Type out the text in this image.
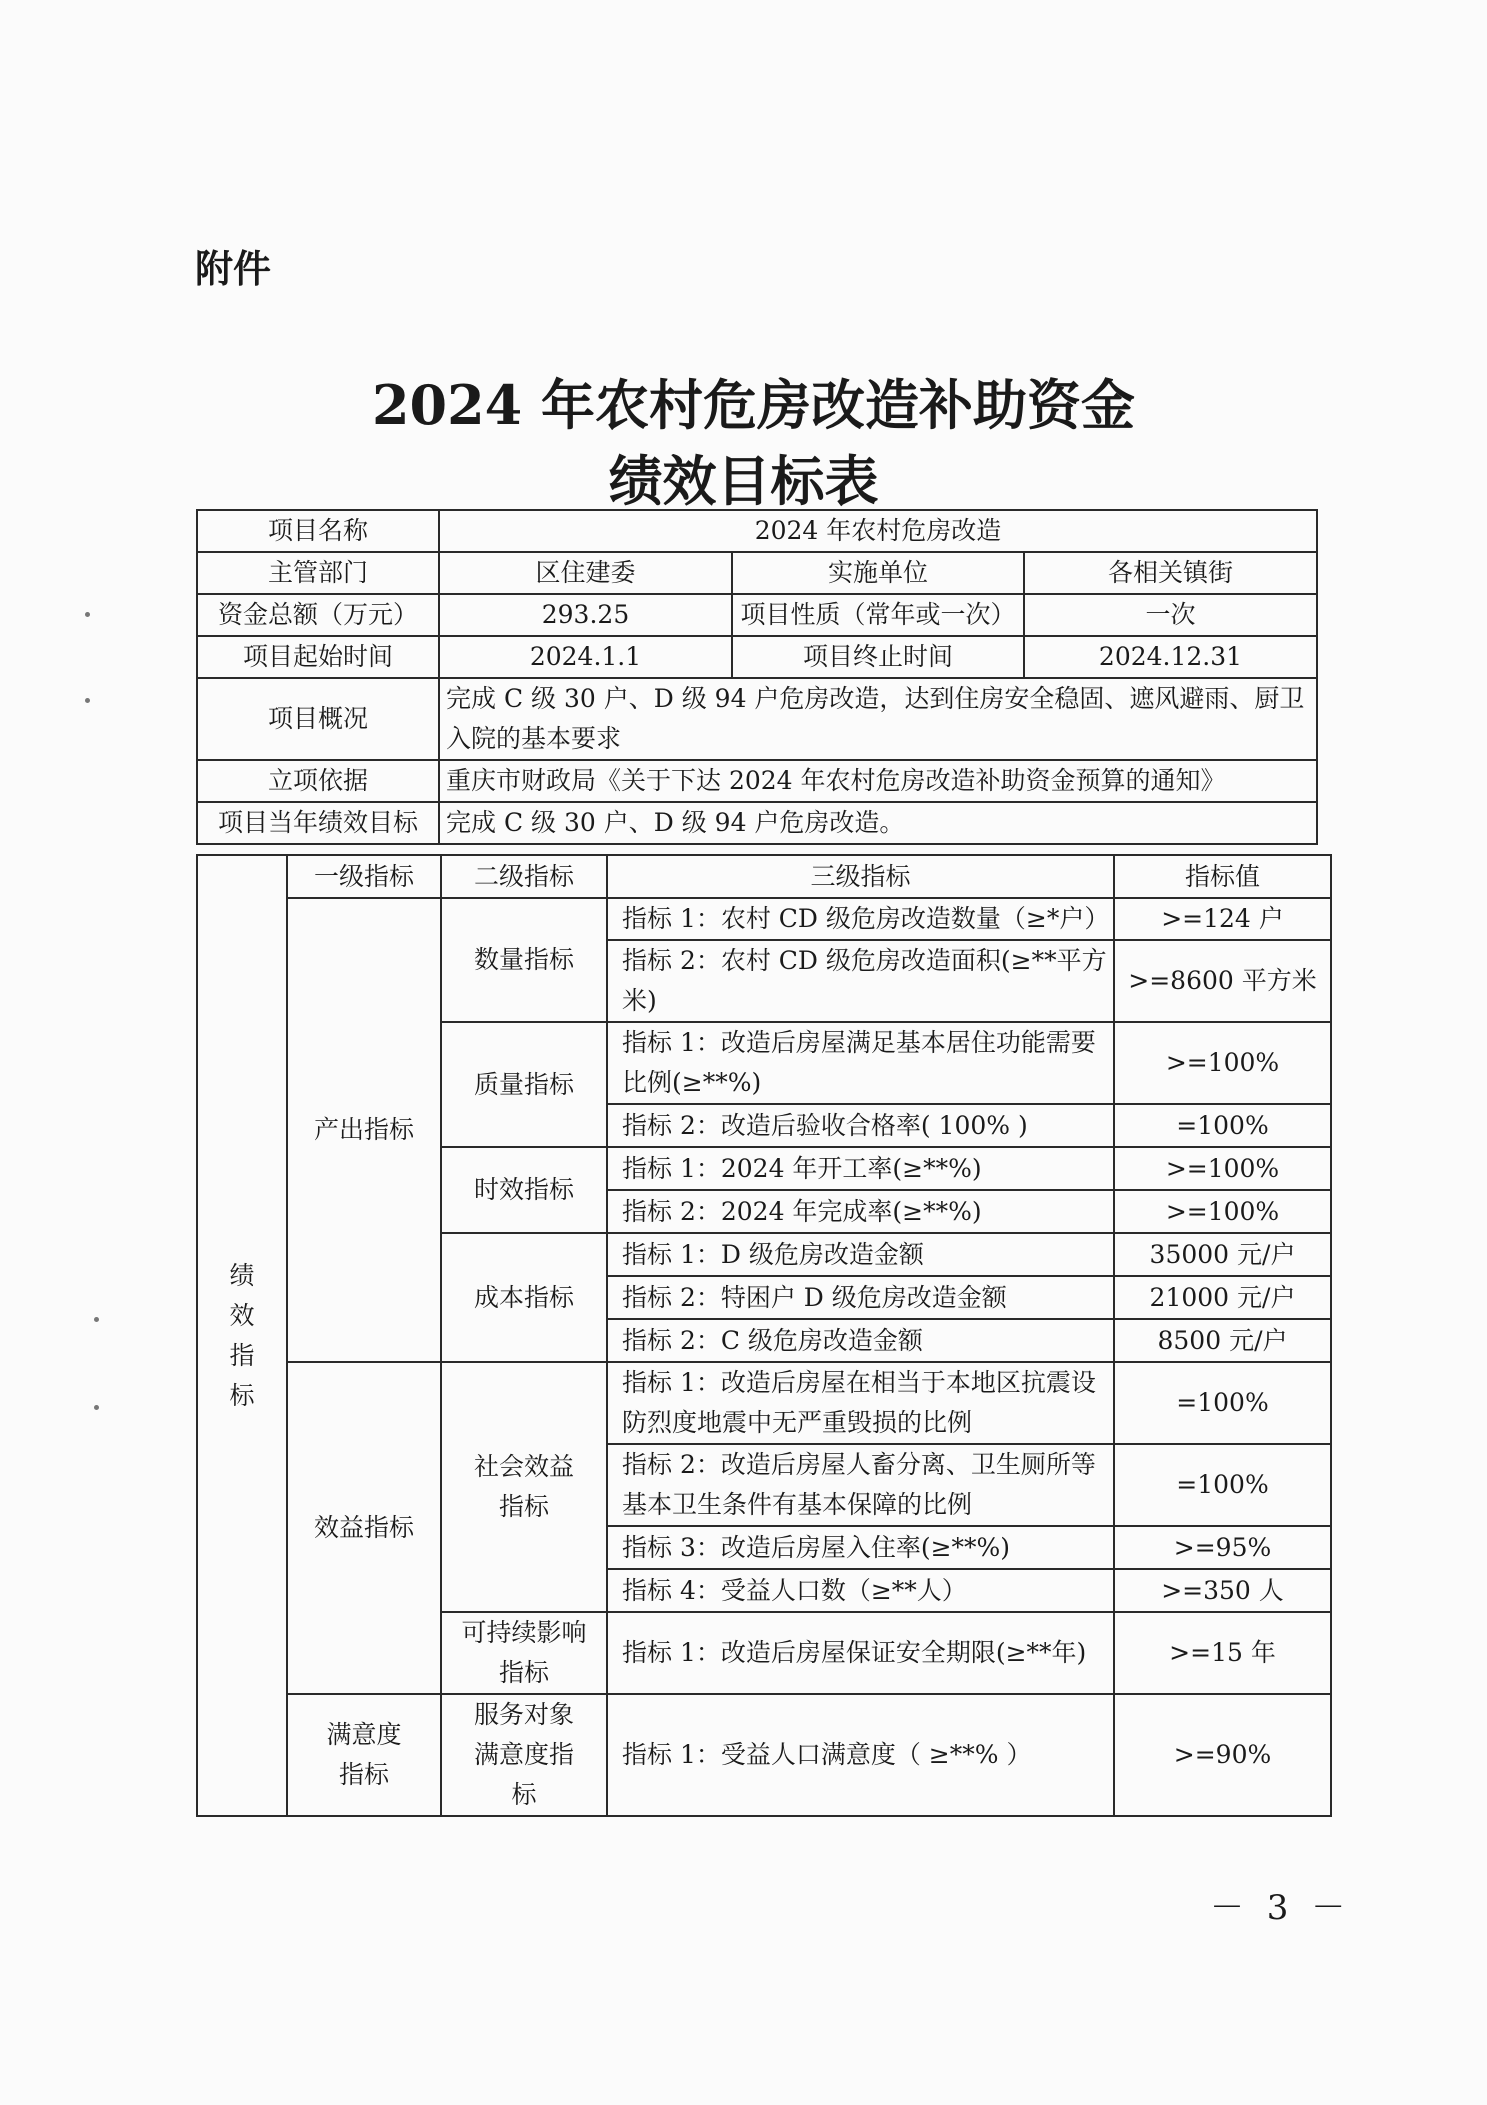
附件
2024 年农村危房改造补助资金
绩效目标表
项目名称	2024 年农村危房改造		
主管部门	区住建委	实施单位	各相关镇街
资金总额（万元）	293.25	项目性质（常年或一次）	一次
项目起始时间	2024.1.1	项目终止时间	2024.12.31
项目概况	完成 C 级 30 户、D 级 94 户危房改造，达到住房安全稳固、遮风避雨、厨卫入院的基本要求		
立项依据	重庆市财政局《关于下达 2024 年农村危房改造补助资金预算的通知》		
项目当年绩效目标	完成 C 级 30 户、D 级 94 户危房改造。		
绩效指标	一级指标	二级指标	三级指标	指标值
	产出指标	数量指标	指标 1：农村 CD 级危房改造数量（≥*户）	>=124 户
			指标 2：农村 CD 级危房改造面积(≥**平方米)	>=8600 平方米
		质量指标	指标 1：改造后房屋满足基本居住功能需要比例(≥**%)	>=100%
			指标 2：改造后验收合格率( 100% )	=100%
		时效指标	指标 1：2024 年开工率(≥**%)	>=100%
			指标 2：2024 年完成率(≥**%)	>=100%
		成本指标	指标 1：D 级危房改造金额	35000 元/户
			指标 2：特困户 D 级危房改造金额	21000 元/户
			指标 2：C 级危房改造金额	8500 元/户
	效益指标	社会效益指标	指标 1：改造后房屋在相当于本地区抗震设防烈度地震中无严重毁损的比例	=100%
			指标 2：改造后房屋人畜分离、卫生厕所等基本卫生条件有基本保障的比例	=100%
			指标 3：改造后房屋入住率(≥**%)	>=95%
			指标 4：受益人口数（≥**人）	>=350 人
		可持续影响指标	指标 1：改造后房屋保证安全期限(≥**年)	>=15 年
	满意度指标	服务对象满意度指标	指标 1：受益人口满意度（ ≥**% ）	>=90%
－ 3 －
